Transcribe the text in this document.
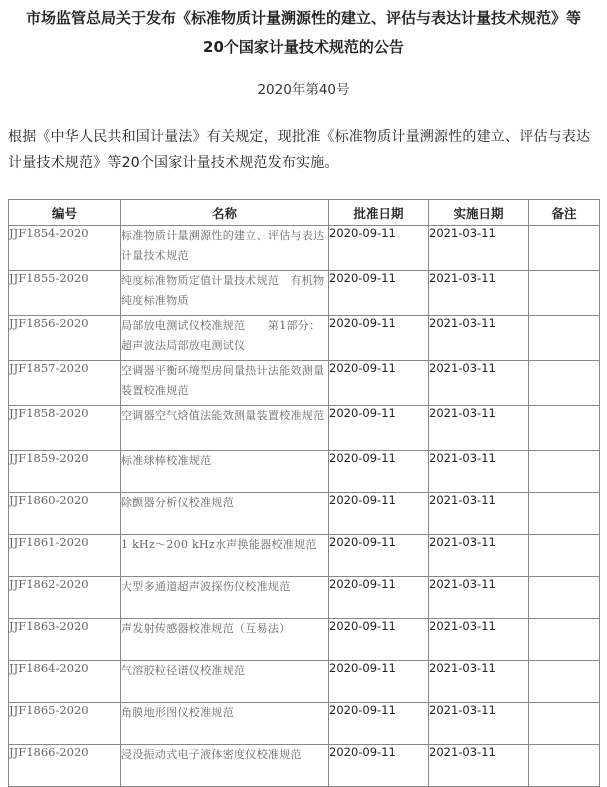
市场监管总局关于发布《标准物质计量溯源性的建立、评估与表达计量技术规范》等
20个国家计量技术规范的公告
2020年第40号
根据《中华人民共和国计量法》有关规定，现批准《标准物质计量溯源性的建立、评估与表达计量技术规范》等20个国家计量技术规范发布实施。
编号	名称	批准日期	实施日期	备注
JJF1854-2020	标准物质计量溯源性的建立、评估与表达计量技术规范	2020-09-11	2021-03-11	
JJF1855-2020	纯度标准物质定值计量技术规范　有机物纯度标准物质	2020-09-11	2021-03-11	
JJF1856-2020	局部放电测试仪校准规范　　第1部分：超声波法局部放电测试仪	2020-09-11	2021-03-11	
JJF1857-2020	空调器平衡环境型房间量热计法能效测量装置校准规范	2020-09-11	2021-03-11	
JJF1858-2020	空调器空气焓值法能效测量装置校准规范	2020-09-11	2021-03-11	
JJF1859-2020	标准球棒校准规范	2020-09-11	2021-03-11	
JJF1860-2020	除颤器分析仪校准规范	2020-09-11	2021-03-11	
JJF1861-2020	1 kHz～200 kHz水声换能器校准规范	2020-09-11	2021-03-11	
JJF1862-2020	大型多通道超声波探伤仪校准规范	2020-09-11	2021-03-11	
JJF1863-2020	声发射传感器校准规范（互易法）	2020-09-11	2021-03-11	
JJF1864-2020	气溶胶粒径谱仪校准规范	2020-09-11	2021-03-11	
JJF1865-2020	角膜地形图仪校准规范	2020-09-11	2021-03-11	
JJF1866-2020	浸没振动式电子液体密度仪校准规范	2020-09-11	2021-03-11	
